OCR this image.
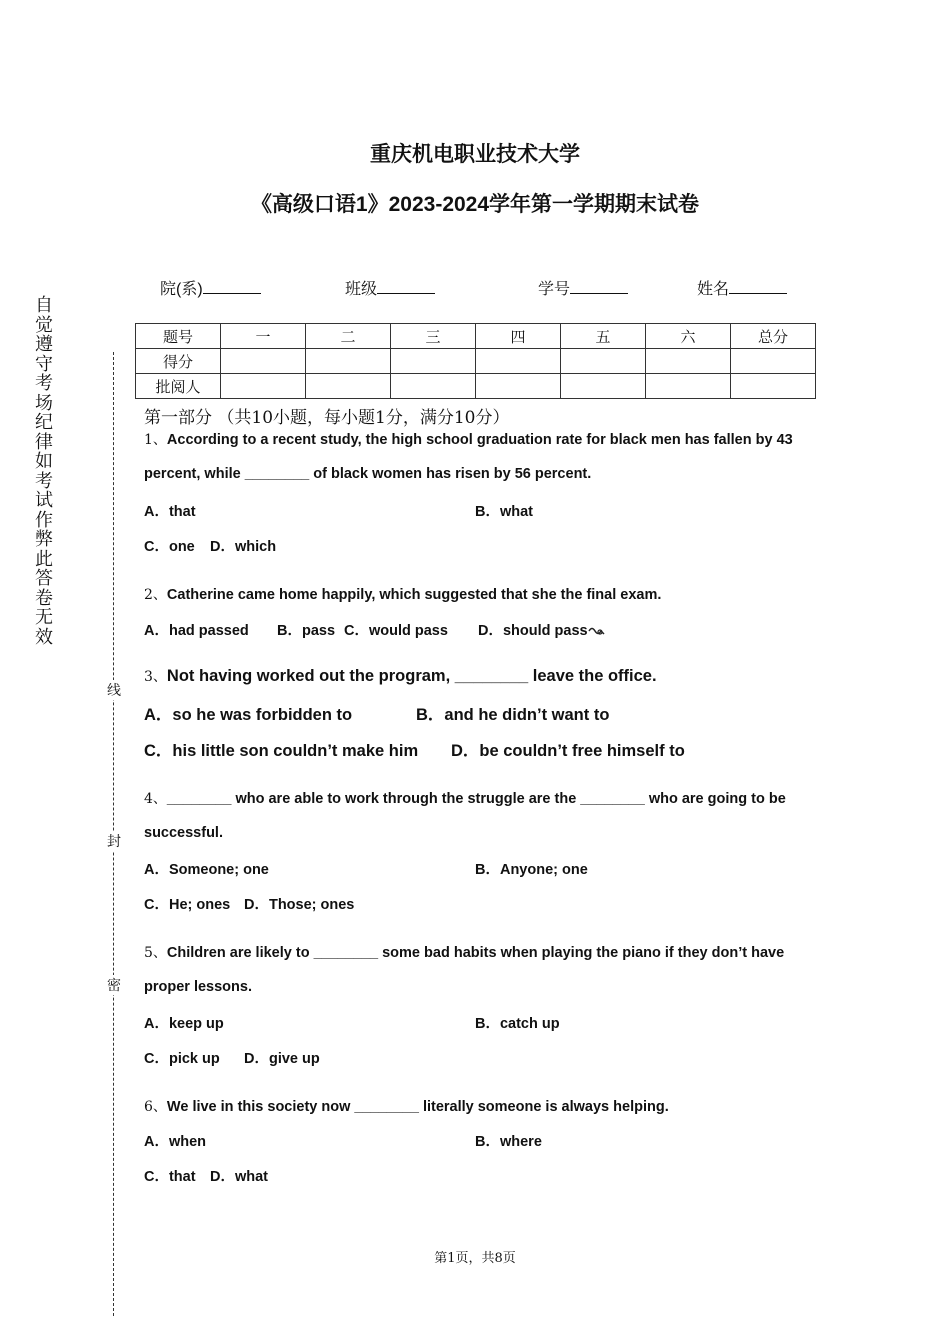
重庆机电职业技术大学
《高级口语1》2023-2024学年第一学期期末试卷
院(系)	班级	学号	姓名
题号	一	二	三	四	五	六	总分
得分							
批阅人							
自
觉
遵
守
考
场
纪
律
如
考
试
作
弊
此
答
卷
无
效
线
封
密
第一部分 （共10小题，每小题1分，满分10分）
1、According to a recent study, the high school graduation rate for black men has fallen by 43
percent, while ________ of black women has risen by 56 percent.
A．that	B．what
C．one D．which
2、Catherine came home happily, which suggested that she the final exam.
A．had passed B．pass C．would pass D．should pass
3、Not having worked out the program, ________ leave the office.
A．so he was forbidden to	B．and he didn’t want to
C．his little son couldn’t make him D．be couldn’t free himself to
4、________ who are able to work through the struggle are the ________ who are going to be
successful.
A．Someone; one	B．Anyone; one
C．He; ones D．Those; ones
5、Children are likely to ________ some bad habits when playing the piano if they don’t have
proper lessons.
A．keep up	B．catch up
C．pick up D．give up
6、We live in this society now ________ literally someone is always helping.
A．when	B．where
C．that D．what
第1页，共8页
